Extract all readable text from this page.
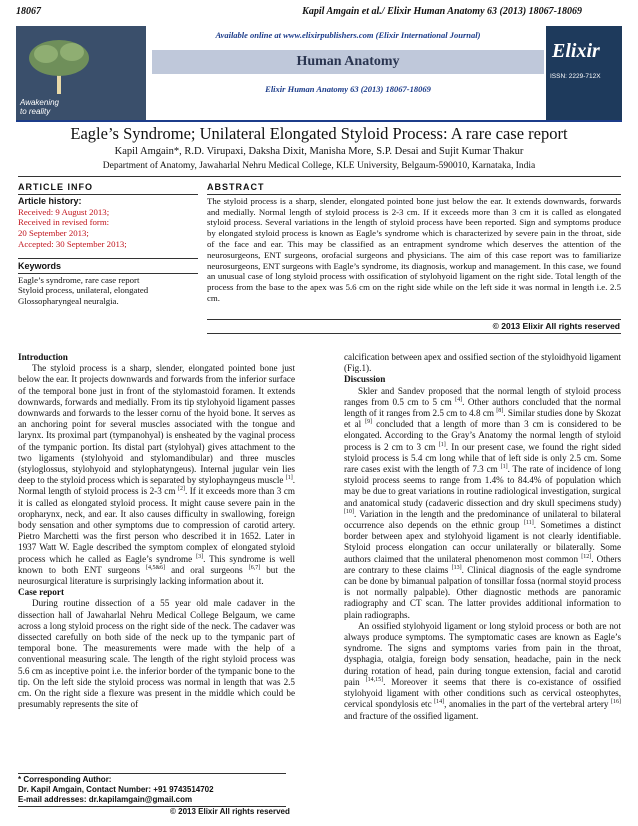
18067	Kapil Amgain et al./ Elixir Human Anatomy 63 (2013) 18067-18069
Awakening
to reality
Available online at www.elixirpublishers.com (Elixir International Journal)
Human Anatomy
Elixir Human Anatomy 63 (2013) 18067-18069
Elixir
ISSN: 2229-712X
Eagle’s Syndrome; Unilateral Elongated Styloid Process: A rare case report
Kapil Amgain*, R.D. Virupaxi, Daksha Dixit, Manisha More, S.P. Desai and Sujit Kumar Thakur
Department of Anatomy, Jawaharlal Nehru Medical College, KLE University, Belgaum-590010, Karnataka, India
ARTICLE INFO
Article history:
Received: 9 August 2013;
Received in revised form:
20 September 2013;
Accepted: 30 September 2013;
Keywords
Eagle’s syndrome, rare case report
Styloid process, unilateral, elongated
Glossopharyngeal neuralgia.
ABSTRACT
The styloid process is a sharp, slender, elongated pointed bone just below the ear. It extends downwards, forwards and medially. Normal length of styloid process is 2-3 cm. If it exceeds more than 3 cm it is called as elongated styloid process. Several variations in the length of styloid process have been reported. Sign and symptoms produce by elongated styloid process is known as Eagle’s syndrome which is characterized by severe pain in the throat, side of the face and ear. This may be classified as an entrapment syndrome which deserves the attention of the neurosurgeons, ENT surgeons, orofacial surgeons and physicians. The aim of this case report was to familiarize neurosurgeons, ENT surgeons with Eagle’s syndrome, its diagnosis, workup and management. In this case, we found an unusual case of long styloid process with ossification of stylohyoid ligament on the right side. Total length of the process from the base to the apex was 5.6 cm on the right side while on the left side it was normal in length i.e. 2.5 cm.
© 2013 Elixir All rights reserved
Introduction

The styloid process is a sharp, slender, elongated pointed bone just below the ear. It projects downwards and forwards from the inferior surface of the temporal bone just in front of the stylomastoid foramen. It extends downwards, forwards and medially. From its tip stylohyoid ligament passes downwards and forwards to the lesser cornu of the hyoid bone. It serves as an anchoring point for several muscles associated with the tongue and larynx. Its proximal part (tympanohyal) is ensheated by the vaginal process of the tympanic portion. Its distal part (stylohyal) gives attachment to the two ligaments (stylohyoid and stylomandibular) and three muscles (styloglossus, stylohyoid and stylophatyngeus). Internal jugular vein lies deep to the styloid process which is separated by stylophayngeus muscle [1]. Normal length of styloid process is 2-3 cm [2]. If it exceeds more than 3 cm it is called as elongated styloid process. It might cause severe pain in the oropharynx, neck, and ear. It also causes difficulty in swallowing, foreign body sensation and other symptoms due to compression of carotid artery. Pietro Marchetti was the first person who described it in 1652. Later in 1937 Watt W. Eagle described the symptom complex of elongated styloid process which he called as Eagle’s syndrome [3]. This syndrome is well known to both ENT surgeons [4,5&6] and oral surgeons [6,7] but the neurosurgical literature is surprisingly lacking information about it.

Case report

During routine dissection of a 55 year old male cadaver in the dissection hall of Jawaharlal Nehru Medical College Belgaum, we came across a long styloid process on the right side of the neck. The cadaver was dissected carefully on both side of the neck up to the tympanic part of temporal bone. The measurements were made with the help of a conventional measuring scale. The length of the right styloid process was 5.6 cm as inceptive point i.e. the inferior border of the tympanic bone to the tip. On the left side the styloid process was normal in length that was 2.5 cm. On the right side a flexure was present in the middle which could be presumably represents the site of

calcification between apex and ossified section of the styloidhyoid ligament (Fig.1).

Discussion

Skler and Sandev proposed that the normal length of styloid process ranges from 0.5 cm to 5 cm [4]. Other authors concluded that the normal length of it ranges from 2.5 cm to 4.8 cm [8]. Similar studies done by Skozat et al [9] concluded that a length of more than 3 cm is considered to be elongated. According to the Gray’s Anatomy the normal length of styloid process is 2 cm to 3 cm [1]. In our present case, we found the right sided styloid process is 5.4 cm long while that of left side is only 2.5 cm. Some rare cases exist with the length of 7.3 cm [1]. The rate of incidence of long styloid process seems to range from 1.4% to 84.4% of population which may be due to great variations in routine radiological investigation, surgical and anatomical study (cadaveric dissection and dry skull specimens study) [10]. Variation in the length and the predominance of unilateral to bilateral occurrence also depends on the ethnic group [11]. Sometimes a distinct border between apex and stylohyoid ligament is not clearly identifiable. Styloid process elongation can occur unilaterally or bilaterally. Some authors claimed that the unilateral phenomenon most common [12]. Others are contrary to these claims [13]. Clinical diagnosis of the eagle syndrome can be done by bimanual palpation of tonsillar fossa (normal stoyid process is not normally palpable). Other diagnostic methods are panoramic radiography and CT scan. The latter provides additional information to plain radiographs.

An ossified stylohyoid ligament or long styloid process or both are not always produce symptoms. The symptomatic cases are known as Eagle’s syndrome. The signs and symptoms varies from pain in the throat, dysphagia, otalgia, foreign body sensation, headache, pain in the neck during rotation of head, pain during tongue extension, facial and carotid pain [14,15]. Moreover it seems that there is co-existance of ossified stylohyoid ligament with other conditions such as cervical osteophytes, cervical spondylosis etc [14], anomalies in the part of the vertebral artery [16] and fracture of the ossified ligament.

* Corresponding Author:
Dr. Kapil Amgain, Contact Number: +91 9743514702
E-mail addresses: dr.kapilamgain@gmail.com
© 2013 Elixir All rights reserved
